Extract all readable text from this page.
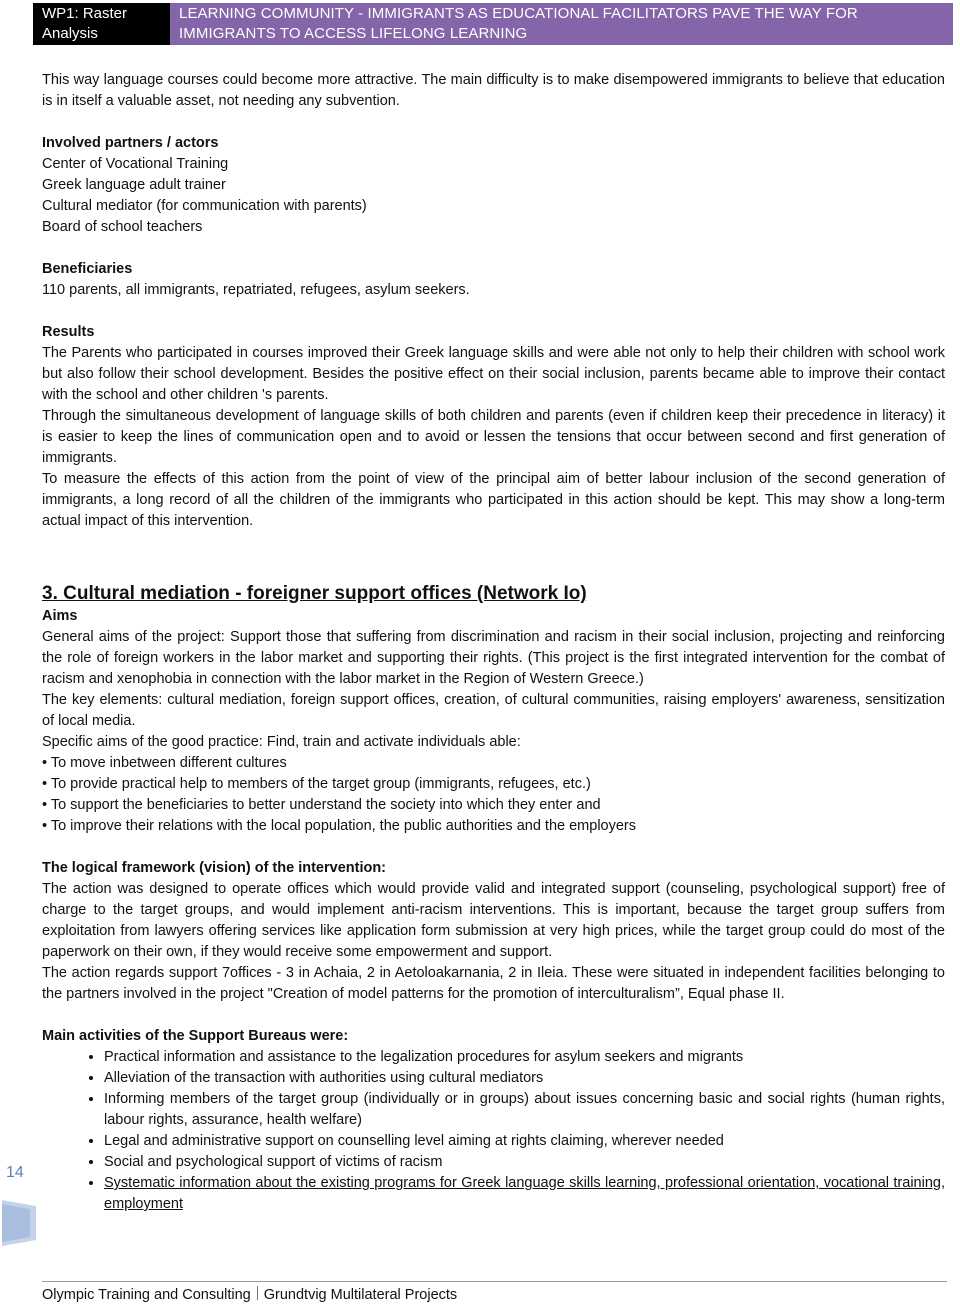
WP1: Raster Analysis
LEARNING COMMUNITY - IMMIGRANTS AS EDUCATIONAL FACILITATORS PAVE THE WAY FOR IMMIGRANTS TO ACCESS LIFELONG LEARNING

This way language courses could become more attractive. The main difficulty is to make disempowered immigrants to believe that education is in itself a valuable asset, not needing any subvention.

Involved partners / actors

Center of Vocational Training

Greek language adult trainer

Cultural mediator (for communication with parents)

Board of school teachers

Beneficiaries

110 parents, all immigrants, repatriated, refugees, asylum seekers.

Results

The Parents who participated in courses improved their Greek language skills and were able not only to help their children with school work but also follow their school development. Besides the positive effect on their social inclusion, parents became able to improve their contact with the school and other children 's parents.

Through the simultaneous development of language skills of both children and parents (even if children keep their precedence in literacy) it is easier to keep the lines of communication open and to avoid or lessen the tensions that occur between second and first generation of immigrants.

To measure the effects of this action from the point of view of the principal aim of better labour inclusion of the second generation of immigrants, a long record of all the children of the immigrants who participated in this action should be kept. This may show a long-term actual impact of this intervention.

3. Cultural mediation - foreigner support offices (Network Io)

Aims

General aims of the project: Support those that suffering from discrimination and racism in their social inclusion, projecting and reinforcing the role of foreign workers in the labor market and supporting their rights. (This project is the first integrated intervention for the combat of racism and xenophobia in connection with the labor market in the Region of Western Greece.)

The key elements: cultural mediation, foreign support offices, creation, of cultural communities, raising employers' awareness, sensitization of local media.

Specific aims of the good practice: Find, train and activate individuals able:

• To move inbetween different cultures
• To provide practical help to members of the target group (immigrants, refugees, etc.)
• To support the beneficiaries to better understand the society into which they enter and
• To improve their relations with the local population, the public authorities and the employers

The logical framework (vision) of the intervention:

The action was designed to operate offices which would provide valid and integrated support (counseling, psychological support) free of charge to the target groups, and would implement anti-racism interventions. This is important, because the target group suffers from exploitation from lawyers offering services like application form submission at very high prices, while the target group could do most of the paperwork on their own, if they would receive some empowerment and support.

The action regards support 7offices - 3 in Achaia, 2 in Aetoloakarnania, 2 in Ileia. These were situated in independent facilities belonging to the partners involved in the project "Creation of model patterns for the promotion of interculturalism”, Equal phase II.

Main activities of the Support Bureaus were:

• Practical information and assistance to the legalization procedures for asylum seekers and migrants
• Alleviation of the transaction with authorities using cultural mediators
• Informing members of the target group (individually or in groups) about issues concerning basic and social rights (human rights, labour rights, assurance, health welfare)
• Legal and administrative support on counselling level aiming at rights claiming, wherever needed
• Social and psychological support of victims of racism
• Systematic information about the existing programs for Greek language skills learning, professional orientation, vocational training, employment
14
Olympic Training and Consulting Grundtvig Multilateral Projects
